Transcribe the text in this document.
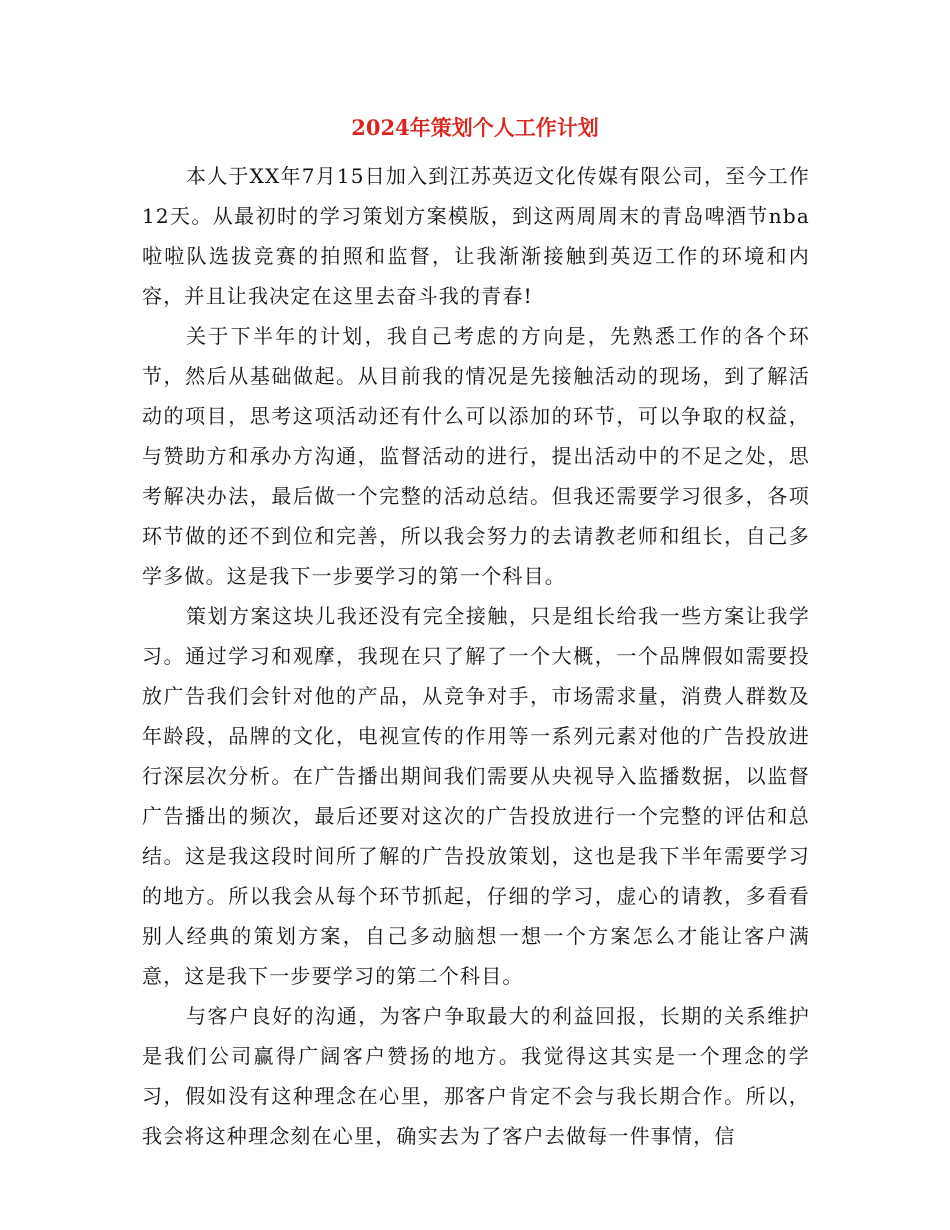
2024年策划个人工作计划

本人于XX年7月15日加入到江苏英迈文化传媒有限公司，至今工作12天。从最初时的学习策划方案模版，到这两周周末的青岛啤酒节nba啦啦队选拔竞赛的拍照和监督，让我渐渐接触到英迈工作的环境和内容，并且让我决定在这里去奋斗我的青春!

关于下半年的计划，我自己考虑的方向是，先熟悉工作的各个环节，然后从基础做起。从目前我的情况是先接触活动的现场，到了解活动的项目，思考这项活动还有什么可以添加的环节，可以争取的权益，与赞助方和承办方沟通，监督活动的进行，提出活动中的不足之处，思考解决办法，最后做一个完整的活动总结。但我还需要学习很多，各项环节做的还不到位和完善，所以我会努力的去请教老师和组长，自己多学多做。这是我下一步要学习的第一个科目。

策划方案这块儿我还没有完全接触，只是组长给我一些方案让我学习。通过学习和观摩，我现在只了解了一个大概，一个品牌假如需要投放广告我们会针对他的产品，从竞争对手，市场需求量，消费人群数及年龄段，品牌的文化，电视宣传的作用等一系列元素对他的广告投放进行深层次分析。在广告播出期间我们需要从央视导入监播数据，以监督广告播出的频次，最后还要对这次的广告投放进行一个完整的评估和总结。这是我这段时间所了解的广告投放策划，这也是我下半年需要学习的地方。所以我会从每个环节抓起，仔细的学习，虚心的请教，多看看别人经典的策划方案，自己多动脑想一想一个方案怎么才能让客户满意，这是我下一步要学习的第二个科目。

与客户良好的沟通，为客户争取最大的利益回报，长期的关系维护是我们公司赢得广阔客户赞扬的地方。我觉得这其实是一个理念的学习，假如没有这种理念在心里，那客户肯定不会与我长期合作。所以，我会将这种理念刻在心里，确实去为了客户去做每一件事情，信
